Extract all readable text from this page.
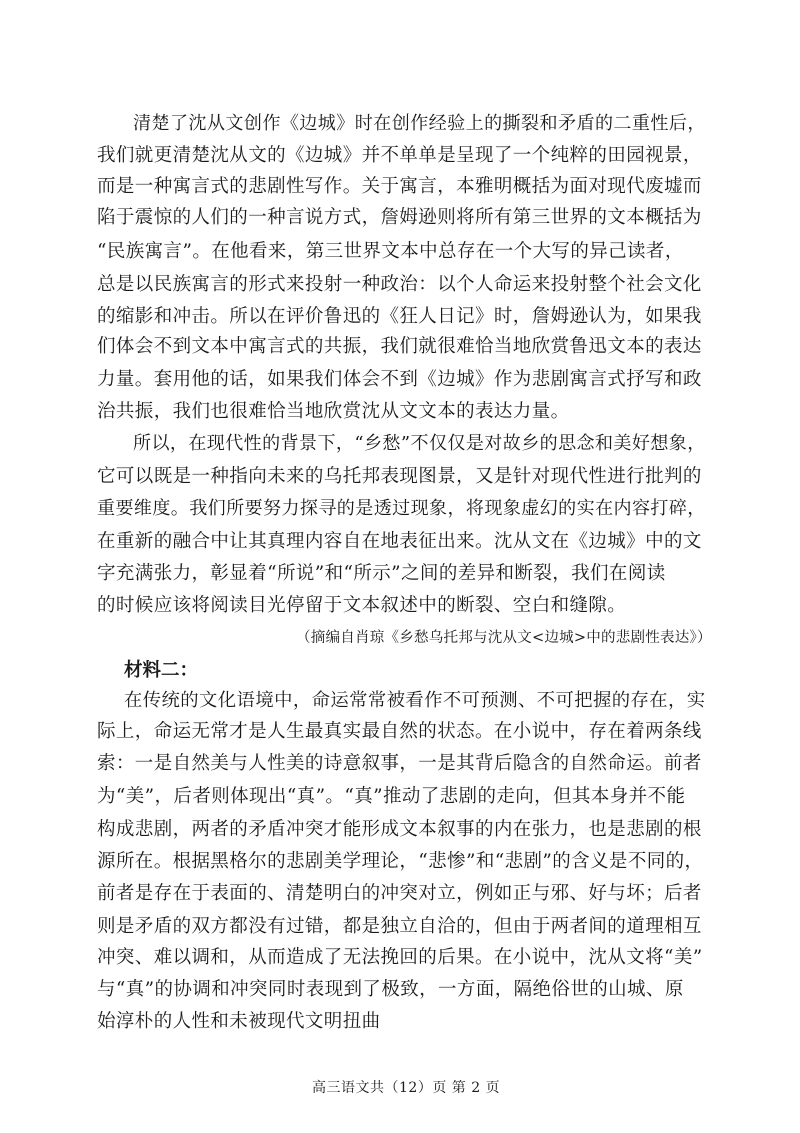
清楚了沈从文创作《边城》时在创作经验上的撕裂和矛盾的二重性后，
我们就更清楚沈从文的《边城》并不单单是呈现了一个纯粹的田园视景，
而是一种寓言式的悲剧性写作。关于寓言，本雅明概括为面对现代废墟而
陷于震惊的人们的一种言说方式，詹姆逊则将所有第三世界的文本概括为
“民族寓言”。在他看来，第三世界文本中总存在一个大写的异己读者，
总是以民族寓言的形式来投射一种政治：以个人命运来投射整个社会文化
的缩影和冲击。所以在评价鲁迅的《狂人日记》时，詹姆逊认为，如果我
们体会不到文本中寓言式的共振，我们就很难恰当地欣赏鲁迅文本的表达
力量。套用他的话，如果我们体会不到《边城》作为悲剧寓言式抒写和政
治共振，我们也很难恰当地欣赏沈从文文本的表达力量。
所以，在现代性的背景下，“乡愁”不仅仅是对故乡的思念和美好想象，
它可以既是一种指向未来的乌托邦表现图景，又是针对现代性进行批判的
重要维度。我们所要努力探寻的是透过现象，将现象虚幻的实在内容打碎，
在重新的融合中让其真理内容自在地表征出来。沈从文在《边城》中的文
字充满张力，彰显着“所说”和“所示”之间的差异和断裂，我们在阅读
的时候应该将阅读目光停留于文本叙述中的断裂、空白和缝隙。
（摘编自肖琼《乡愁乌托邦与沈从文<边城>中的悲剧性表达》）
材料二：
在传统的文化语境中，命运常常被看作不可预测、不可把握的存在，实
际上，命运无常才是人生最真实最自然的状态。在小说中，存在着两条线
索：一是自然美与人性美的诗意叙事，一是其背后隐含的自然命运。前者
为“美”，后者则体现出“真”。“真”推动了悲剧的走向，但其本身并不能
构成悲剧，两者的矛盾冲突才能形成文本叙事的内在张力，也是悲剧的根
源所在。根据黑格尔的悲剧美学理论，“悲惨”和“悲剧”的含义是不同的，
前者是存在于表面的、清楚明白的冲突对立，例如正与邪、好与坏；后者
则是矛盾的双方都没有过错，都是独立自洽的，但由于两者间的道理相互
冲突、难以调和，从而造成了无法挽回的后果。在小说中，沈从文将“美”
与“真”的协调和冲突同时表现到了极致，一方面，隔绝俗世的山城、原
始淳朴的人性和未被现代文明扭曲
高三语文共（12）页 第 2 页
